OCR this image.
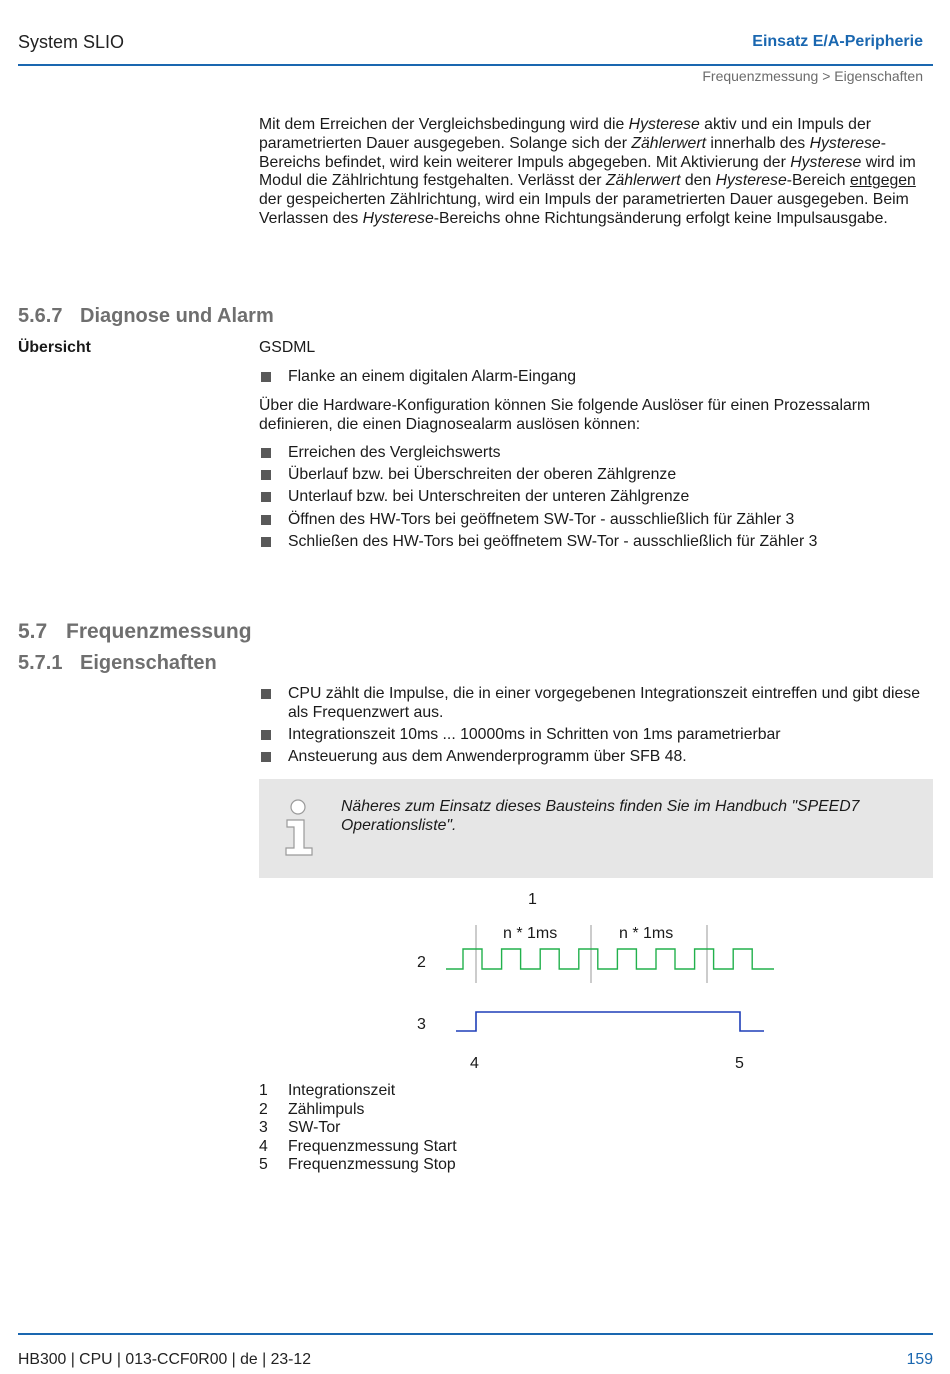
System SLIO	Einsatz E/A-Peripherie
Frequenzmessung > Eigenschaften

Mit dem Erreichen der Vergleichsbedingung wird die Hysterese aktiv und ein Impuls der parametrierten Dauer ausgegeben. Solange sich der Zählerwert innerhalb des Hysterese-Bereichs befindet, wird kein weiterer Impuls abgegeben. Mit Aktivierung der Hysterese wird im Modul die Zählrichtung festgehalten. Verlässt der Zählerwert den Hysterese-Bereich entgegen der gespeicherten Zählrichtung, wird ein Impuls der parametrierten Dauer ausgegeben. Beim Verlassen des Hysterese-Bereichs ohne Richtungsänderung erfolgt keine Impulsausgabe.

5.6.7 Diagnose und Alarm
Übersicht	GSDML
Flanke an einem digitalen Alarm-Eingang
Über die Hardware-Konfiguration können Sie folgende Auslöser für einen Prozessalarm definieren, die einen Diagnosealarm auslösen können:
Erreichen des Vergleichswerts
Überlauf bzw. bei Überschreiten der oberen Zählgrenze
Unterlauf bzw. bei Unterschreiten der unteren Zählgrenze
Öffnen des HW-Tors bei geöffnetem SW-Tor - ausschließlich für Zähler 3
Schließen des HW-Tors bei geöffnetem SW-Tor - ausschließlich für Zähler 3
5.7 Frequenzmessung
5.7.1 Eigenschaften
CPU zählt die Impulse, die in einer vorgegebenen Integrationszeit eintreffen und gibt diese als Frequenzwert aus.
Integrationszeit 10ms ... 10000ms in Schritten von 1ms parametrierbar
Ansteuerung aus dem Anwenderprogramm über SFB 48.
Näheres zum Einsatz dieses Bausteins finden Sie im Handbuch "SPEED7 Operationsliste".
1
n * 1ms	n * 1ms
2
3
4	5
1 Integrationszeit
2 Zählimpuls
3 SW-Tor
4 Frequenzmessung Start
5 Frequenzmessung Stop
HB300 | CPU | 013-CCF0R00 | de | 23-12	159
